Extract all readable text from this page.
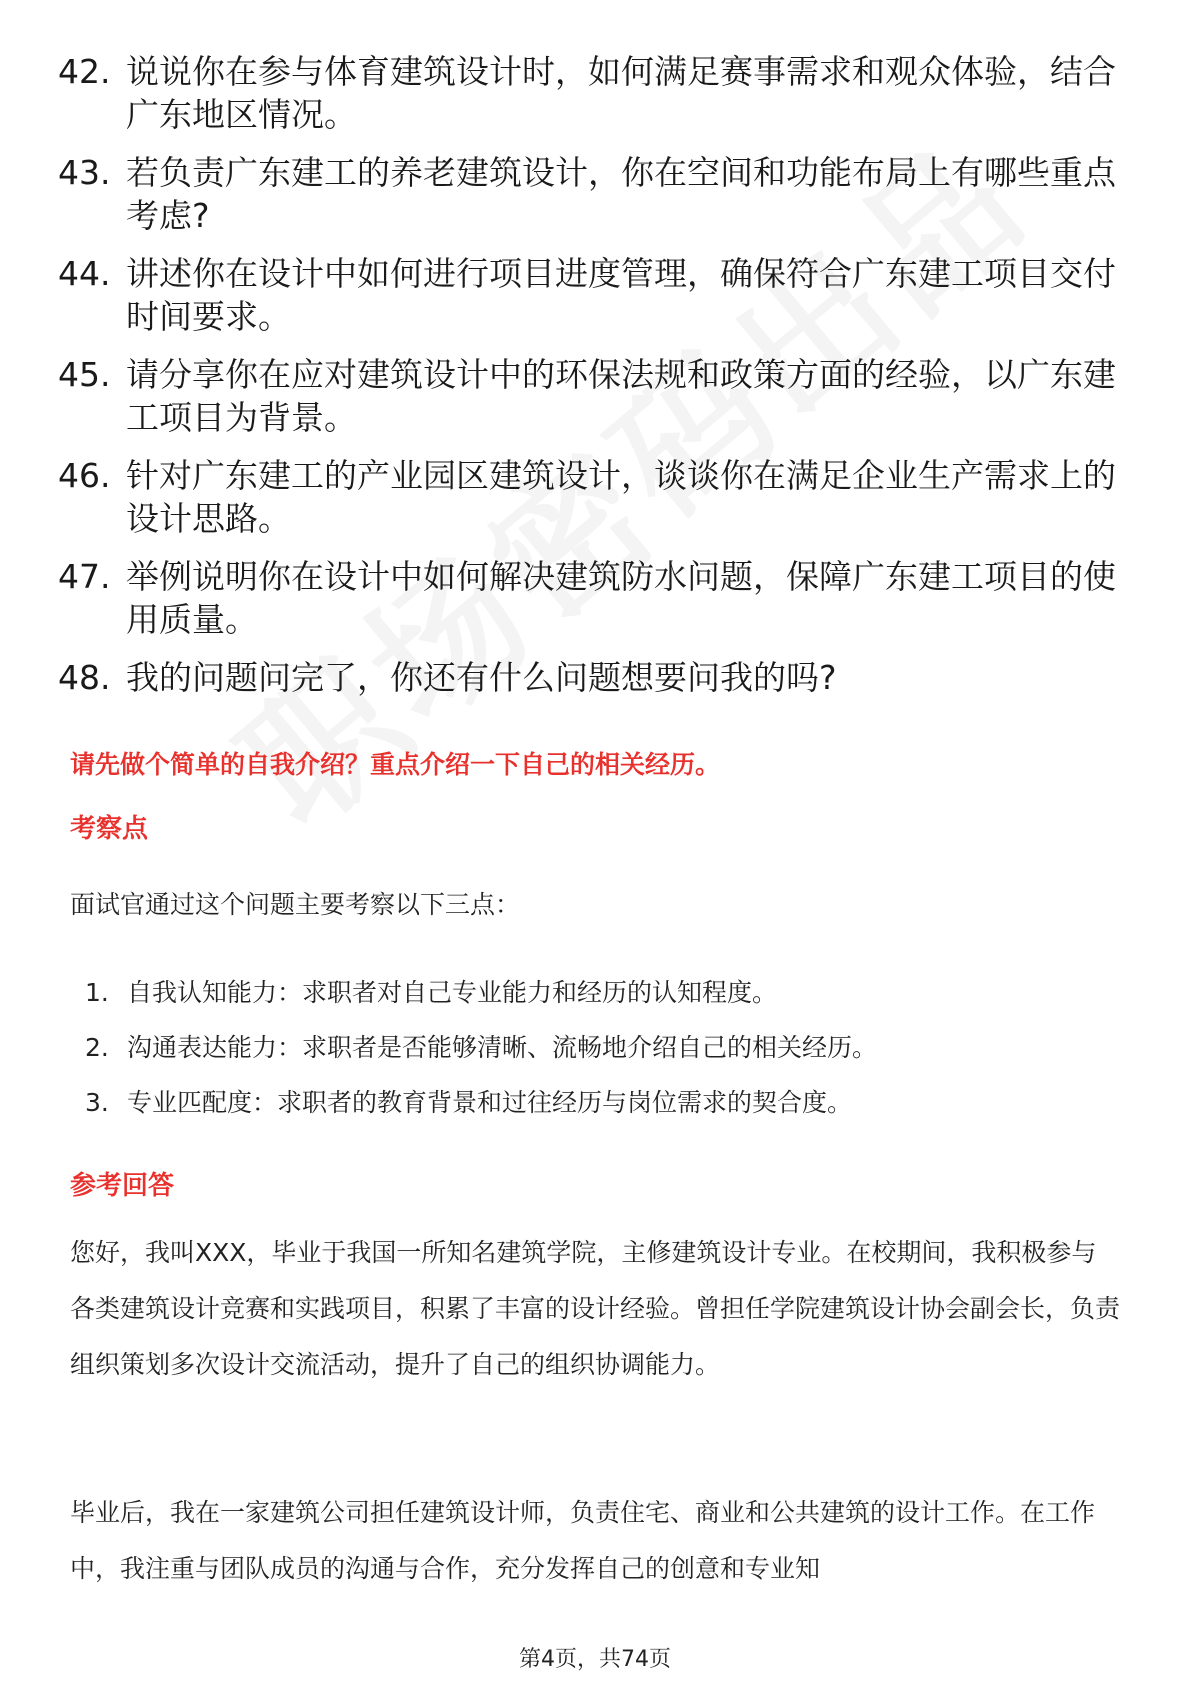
42. 说说你在参与体育建筑设计时，如何满足赛事需求和观众体验，结合广东地区情况。
43. 若负责广东建工的养老建筑设计，你在空间和功能布局上有哪些重点考虑?
44. 讲述你在设计中如何进行项目进度管理，确保符合广东建工项目交付时间要求。
45. 请分享你在应对建筑设计中的环保法规和政策方面的经验，以广东建工项目为背景。
46. 针对广东建工的产业园区建筑设计，谈谈你在满足企业生产需求上的设计思路。
47. 举例说明你在设计中如何解决建筑防水问题，保障广东建工项目的使用质量。
48. 我的问题问完了，你还有什么问题想要问我的吗?
请先做个简单的自我介绍？重点介绍一下自己的相关经历。
考察点
面试官通过这个问题主要考察以下三点：
1. 自我认知能力：求职者对自己专业能力和经历的认知程度。
2. 沟通表达能力：求职者是否能够清晰、流畅地介绍自己的相关经历。
3. 专业匹配度：求职者的教育背景和过往经历与岗位需求的契合度。
参考回答

您好，我叫XXX，毕业于我国一所知名建筑学院，主修建筑设计专业。在校期间，我积极参与各类建筑设计竞赛和实践项目，积累了丰富的设计经验。曾担任学院建筑设计协会副会长，负责组织策划多次设计交流活动，提升了自己的组织协调能力。

毕业后，我在一家建筑公司担任建筑设计师，负责住宅、商业和公共建筑的设计工作。在工作中，我注重与团队成员的沟通与合作，充分发挥自己的创意和专业知

第4页，共74页
